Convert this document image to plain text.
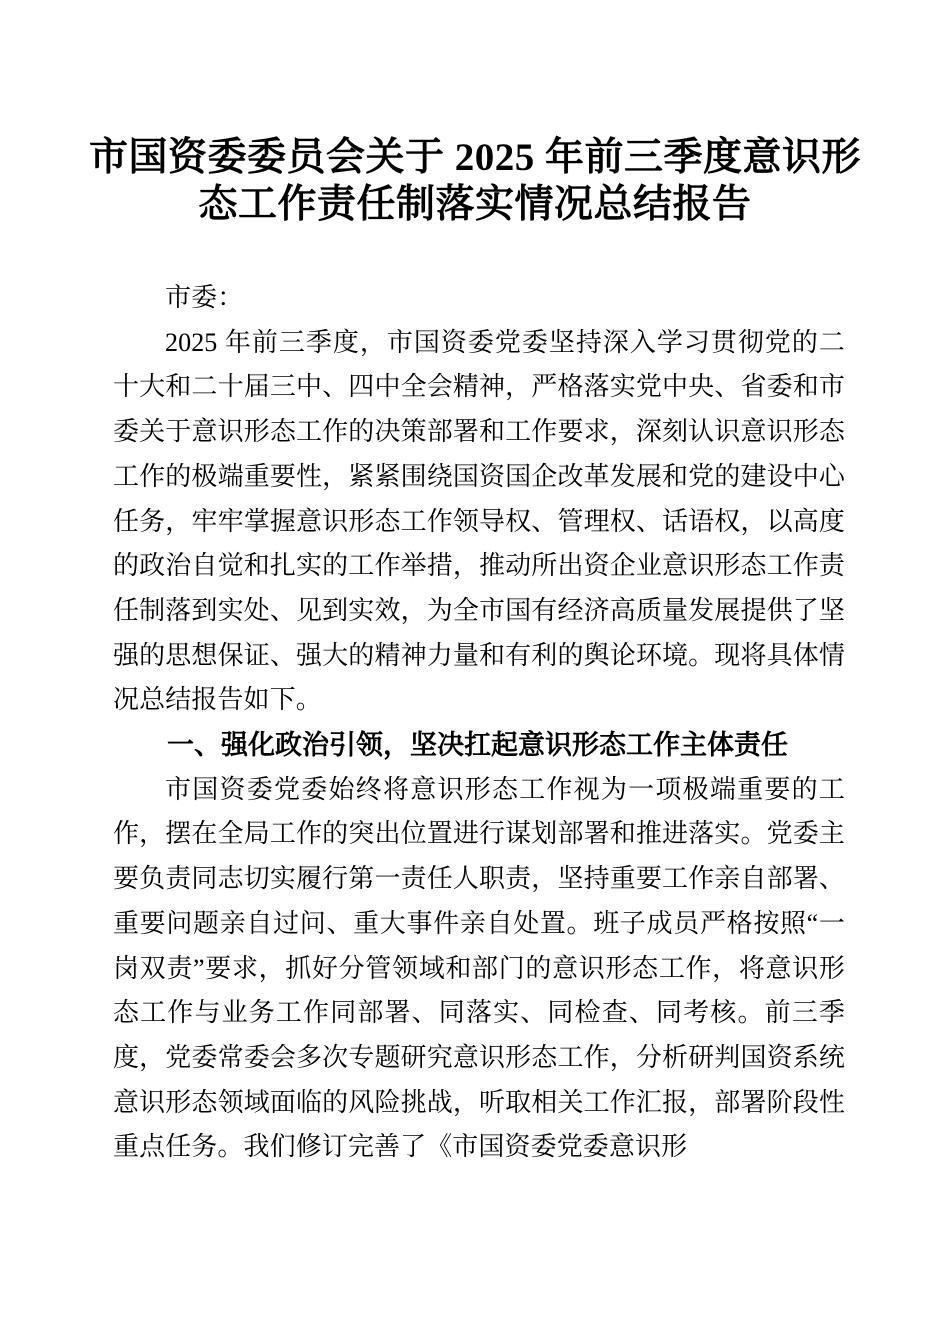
市国资委委员会关于 2025 年前三季度意识形
态工作责任制落实情况总结报告

市委：

2025 年前三季度，市国资委党委坚持深入学习贯彻党的二十大和二十届三中、四中全会精神，严格落实党中央、省委和市委关于意识形态工作的决策部署和工作要求，深刻认识意识形态工作的极端重要性，紧紧围绕国资国企改革发展和党的建设中心任务，牢牢掌握意识形态工作领导权、管理权、话语权，以高度的政治自觉和扎实的工作举措，推动所出资企业意识形态工作责任制落到实处、见到实效，为全市国有经济高质量发展提供了坚强的思想保证、强大的精神力量和有利的舆论环境。现将具体情况总结报告如下。

一、强化政治引领，坚决扛起意识形态工作主体责任

市国资委党委始终将意识形态工作视为一项极端重要的工作，摆在全局工作的突出位置进行谋划部署和推进落实。党委主要负责同志切实履行第一责任人职责，坚持重要工作亲自部署、重要问题亲自过问、重大事件亲自处置。班子成员严格按照“一岗双责”要求，抓好分管领域和部门的意识形态工作，将意识形态工作与业务工作同部署、同落实、同检查、同考核。前三季度，党委常委会多次专题研究意识形态工作，分析研判国资系统意识形态领域面临的风险挑战，听取相关工作汇报，部署阶段性重点任务。我们修订完善了《市国资委党委意识形
